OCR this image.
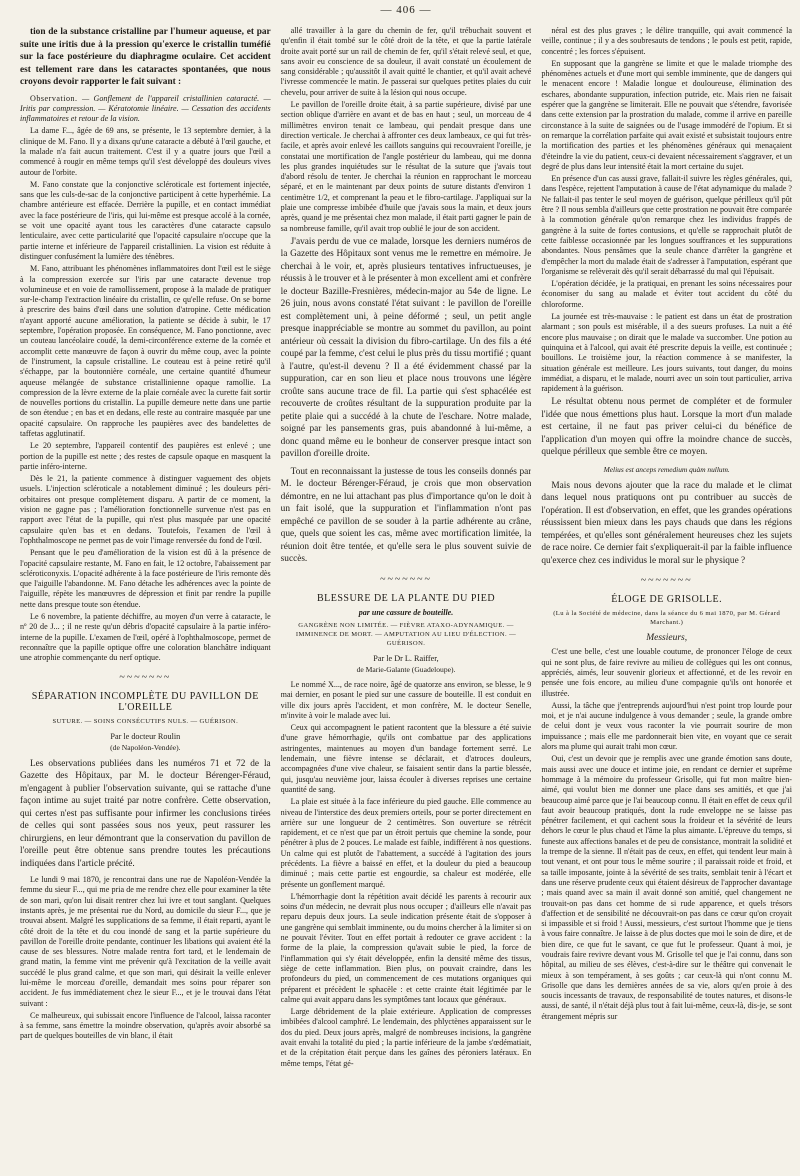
— 406 —

tion de la substance cristalline par l'humeur aqueuse, et par suite une iritis due à la pression qu'exerce le cristallin tuméfié sur la face postérieure du diaphragme oculaire. Cet accident est tellement rare dans les cataractes spontanées, que nous croyons devoir rapporter le fait suivant :

Observation. — Gonflement de l'appareil cristallinien cataracté. — Iritis par compression. — Kératotomie linéaire. — Cessation des accidents inflammatoires et retour de la vision.

La dame F..., âgée de 69 ans, se présente, le 13 septembre dernier, à la clinique de M. Fano. Il y a dixans qu'une cataracte a débuté à l'œil gauche, et la malade n'a fait aucun traitement. C'est il y a quatre jours que l'œil a commencé à rougir en même temps qu'il s'est développé des douleurs vives autour de l'orbite.

M. Fano constate que la conjonctive scléroticale est fortement injectée, sans que les culs-de-sac de la conjonctive participent à cette hyperhémie. La chambre antérieure est effacée. Derrière la pupille, et en contact immédiat avec la face postérieure de l'iris, qui lui-même est presque accolé à la cornée, se voit une opacité ayant tous les caractères d'une cataracte capsulo lenticulaire, avec cette particularité que l'opacité capsulaire n'occupe que la partie interne et inférieure de l'appareil cristallinien. La vision est réduite à distinguer confusément la lumière des ténèbres.

M. Fano, attribuant les phénomènes inflammatoires dont l'œil est le siège à la compression exercée sur l'iris par une cataracte devenue trop volumineuse et en voie de ramollissement, propose à la malade de pratiquer sur-le-champ l'extraction linéaire du cristallin, ce qu'elle refuse. On se borne à prescrire des bains d'œil dans une solution d'atropine. Cette médication n'ayant apporté aucune amélioration, la patiente se décide à subir, le 17 septembre, l'opération proposée. En conséquence, M. Fano ponctionne, avec un couteau lancéolaire coudé, la demi-circonférence externe de la cornée et accomplit cette manœuvre de façon à ouvrir du même coup, avec la pointe de l'instrument, la capsule cristalline. Le couteau est à peine retiré qu'il s'échappe, par la boutonnière cornéale, une certaine quantité d'humeur aqueuse mélangée de substance cristallinienne opaque ramollie. La compression de la lèvre externe de la plaie cornéale avec la curette fait sortir de nouvelles portions du cristallin. La pupille demeure nette dans une partie de son étendue ; en bas et en dedans, elle reste au contraire masquée par une opacité capsulaire. On rapproche les paupières avec des bandelettes de taffetas agglutinatif.

Le 20 septembre, l'appareil contentif des paupières est enlevé ; une portion de la pupille est nette ; des restes de capsule opaque en masquent la partie inféro-interne.

Dès le 21, la patiente commence à distinguer vaguement des objets usuels. L'injection scléroticale a notablement diminué ; les douleurs péri-orbitaires ont presque complètement disparu. A partir de ce moment, la vision ne gagne pas ; l'amélioration fonctionnelle survenue n'est pas en rapport avec l'état de la pupille, qui n'est plus masquée par une opacité capsulaire qu'en bas et en dedans. Toutefois, l'examen de l'œil à l'ophthalmoscope ne permet pas de voir l'image renversée du fond de l'œil.

Pensant que le peu d'amélioration de la vision est dû à la présence de l'opacité capsulaire restante, M. Fano en fait, le 12 octobre, l'abaissement par scléroticonyxis. L'opacité adhérente à la face postérieure de l'iris remonte dès que l'aiguille l'abandonne. M. Fano détache les adhérences avec la pointe de l'aiguille, répète les manœuvres de dépression et finit par rendre la pupille nette dans presque toute son étendue.

Le 6 novembre, la patiente déchiffre, au moyen d'un verre à cataracte, le nº 20 de J... ; il ne reste qu'un débris d'opacité capsulaire à la partie inféro-interne de la pupille. L'examen de l'œil, opéré à l'ophthalmoscope, permet de reconnaître que la papille optique offre une coloration blanchâtre indiquant une atrophie commençante du nerf optique.

~~~~~~~
SÉPARATION INCOMPLÈTE DU PAVILLON DE L'OREILLE
SUTURE. — SOINS CONSÉCUTIFS NULS. — GUÉRISON.
Par le docteur Roulin
(de Napoléon-Vendée).

Les observations publiées dans les numéros 71 et 72 de la Gazette des Hôpitaux, par M. le docteur Bérenger-Féraud, m'engagent à publier l'observation suivante, qui se rattache d'une façon intime au sujet traité par notre confrère. Cette observation, qui certes n'est pas suffisante pour infirmer les conclusions tirées de celles qui sont passées sous nos yeux, peut rassurer les chirurgiens, en leur démontrant que la conservation du pavillon de l'oreille peut être obtenue sans prendre toutes les précautions indiquées dans l'article précité.

Le lundi 9 mai 1870, je rencontrai dans une rue de Napoléon-Vendée la femme du sieur F..., qui me pria de me rendre chez elle pour examiner la tête de son mari, qu'on lui disait rentrer chez lui ivre et tout sanglant. Quelques instants après, je me présentai rue du Nord, au domicile du sieur F..., que je trouvai absent. Malgré les supplications de sa femme, il était reparti, ayant le côté droit de la tête et du cou inondé de sang et la partie supérieure du pavillon de l'oreille droite pendante, continuer les libations qui avaient été la cause de ses blessures. Notre malade rentra fort tard, et le lendemain de grand matin, la femme vint me prévenir qu'à l'excitation de la veille avait succédé le plus grand calme, et que son mari, qui désirait la veille enlever lui-même le morceau d'oreille, demandait mes soins pour réparer son accident. Je fus immédiatement chez le sieur F..., et je le trouvai dans l'état suivant :

Ce malheureux, qui subissait encore l'influence de l'alcool, laissa raconter à sa femme, sans émettre la moindre observation, qu'après avoir absorbé sa part de quelques bouteilles de vin blanc, il était

allé travailler à la gare du chemin de fer, qu'il trébuchait souvent et qu'enfin il était tombé sur le côté droit de la tête, et que la partie latérale droite avait porté sur un rail de chemin de fer, qu'il s'était relevé seul, et que, sans avoir eu conscience de sa douleur, il avait constaté un écoulement de sang considérable ; qu'aussitôt il avait quitté le chantier, et qu'il avait achevé l'ivresse commencée le matin. Je passerai sur quelques petites plaies du cuir chevelu, pour arriver de suite à la lésion qui nous occupe.

Le pavillon de l'oreille droite était, à sa partie supérieure, divisé par une section oblique d'arrière en avant et de bas en haut ; seul, un morceau de 4 millimètres environ tenait ce lambeau, qui pendait presque dans une direction verticale. Je cherchai à affronter ces deux lambeaux, ce qui fut très-facile, et après avoir enlevé les caillots sanguins qui recouvraient l'oreille, je constatai une mortification de l'angle postérieur du lambeau, qui me donna les plus grandes inquiétudes sur le résultat de la suture que j'avais tout d'abord résolu de tenter. Je cherchai la réunion en rapprochant le morceau séparé, et en le maintenant par deux points de suture distants d'environ 1 centimètre 1/2, et comprenant la peau et le fibro-cartilage. J'appliquai sur la plaie une compresse imbibée d'huile que j'avais sous la main, et deux jours après, quand je me présentai chez mon malade, il était parti gagner le pain de sa nombreuse famille, qu'il avait trop oublié le jour de son accident.

J'avais perdu de vue ce malade, lorsque les derniers numéros de la Gazette des Hôpitaux sont venus me le remettre en mémoire. Je cherchai à le voir, et, après plusieurs tentatives infructueuses, je réussis à le trouver et à le présenter à mon excellent ami et confrère le docteur Bazille-Fresnières, médecin-major au 54e de ligne. Le 26 juin, nous avons constaté l'état suivant : le pavillon de l'oreille est complètement uni, à peine déformé ; seul, un petit angle presque inappréciable se montre au sommet du pavillon, au point antérieur où cessait la division du fibro-cartilage. Un des fils a été coupé par la femme, c'est celui le plus près du tissu mortifié ; quant à l'autre, qu'est-il devenu ? Il a été évidemment chassé par la suppuration, car en son lieu et place nous trouvons une légère croûte sans aucune trace de fil. La partie qui s'est sphacélée est recouverte de croûtes résultant de la suppuration produite par la petite plaie qui a succédé à la chute de l'eschare. Notre malade, soigné par les pansements gras, puis abandonné à lui-même, a donc quand même eu le bonheur de conserver presque intact son pavillon d'oreille droite.

Tout en reconnaissant la justesse de tous les conseils donnés par M. le docteur Bérenger-Féraud, je crois que mon observation démontre, en ne lui attachant pas plus d'importance qu'on le doit à un fait isolé, que la suppuration et l'inflammation n'ont pas empêché ce pavillon de se souder à la partie adhérente au crâne, que, quels que soient les cas, même avec mortification limitée, la réunion doit être tentée, et qu'elle sera le plus souvent suivie de succès.

~~~~~~~
BLESSURE DE LA PLANTE DU PIED
par une cassure de bouteille.
GANGRÈNE NON LIMITÉE. — FIÈVRE ATAXO-ADYNAMIQUE. — IMMINENCE DE MORT. — AMPUTATION AU LIEU D'ÉLECTION. — GUÉRISON.
Par le Dr L. Raiffer,
de Marie-Galante (Guadeloupe).

Le nommé X..., de race noire, âgé de quatorze ans environ, se blesse, le 9 mai dernier, en posant le pied sur une cassure de bouteille. Il est conduit en ville dix jours après l'accident, et mon confrère, M. le docteur Senelle, m'invite à voir le malade avec lui.

Ceux qui accompagnent le patient racontent que la blessure a été suivie d'une grave hémorrhagie, qu'ils ont combattue par des applications astringentes, maintenues au moyen d'un bandage fortement serré. Le lendemain, une fièvre intense se déclarait, et d'atroces douleurs, accompagnées d'une vive chaleur, se faisaient sentir dans la partie blessée, qui, jusqu'au neuvième jour, laissa écouler à diverses reprises une certaine quantité de sang.

La plaie est située à la face inférieure du pied gauche. Elle commence au niveau de l'interstice des deux premiers orteils, pour se porter directement en arrière sur une longueur de 2 centimètres. Son ouverture se rétrécit rapidement, et ce n'est que par un étroit pertuis que chemine la sonde, pour pénétrer à plus de 2 pouces. Le malade est faible, indifférent à nos questions. Un calme qui est plutôt de l'abattement, a succédé à l'agitation des jours précédents. La fièvre a baissé en effet, et la douleur du pied a beaucoup diminué ; mais cette partie est engourdie, sa chaleur est modérée, elle présente un gonflement marqué.

L'hémorrhagie dont la répétition avait décidé les parents à recourir aux soins d'un médecin, ne devrait plus nous occuper ; d'ailleurs elle n'avait pas reparu depuis deux jours. La seule indication présente était de s'opposer à une gangrène qui semblait imminente, ou du moins chercher à la limiter si on ne pouvait l'éviter. Tout en effet portait à redouter ce grave accident : la forme de la plaie, la compression qu'avait subie le pied, la force de l'inflammation qui s'y était développée, enfin la densité même des tissus, siège de cette inflammation. Bien plus, on pouvait craindre, dans les profondeurs du pied, un commencement de ces mutations organiques qui préparent et précèdent le sphacèle : et cette crainte était légitimée par le calme qui avait apparu dans les symptômes tant locaux que généraux.

Large débridement de la plaie extérieure. Application de compresses imbibées d'alcool camphré. Le lendemain, des phlyctènes apparaissent sur le dos du pied. Deux jours après, malgré de nombreuses incisions, la gangrène avait envahi la totalité du pied ; la partie inférieure de la jambe s'œdématiait, et de la crépitation était perçue dans les gaînes des péroniers latéraux. En même temps, l'état gé-

néral est des plus graves ; le délire tranquille, qui avait commencé la veille, continue ; il y a des soubresauts de tendons ; le pouls est petit, rapide, concentré ; les forces s'épuisent.

En supposant que la gangrène se limite et que le malade triomphe des phénomènes actuels et d'une mort qui semble imminente, que de dangers qui le menacent encore ! Maladie longue et douloureuse, élimination des eschares, abondante suppuration, infection putride, etc. Mais rien ne faisait espérer que la gangrène se limiterait. Elle ne pouvait que s'étendre, favorisée dans cette extension par la prostration du malade, comme il arrive en pareille circonstance à la suite de saignées ou de l'usage immodéré de l'opium. Et si on remarque la corrélation parfaite qui avait existé et subsistait toujours entre la mortification des parties et les phénomènes généraux qui menaçaient d'éteindre la vie du patient, ceux-ci devaient nécessairement s'aggraver, et un degré de plus dans leur intensité était la mort certaine du sujet.

En présence d'un cas aussi grave, fallait-il suivre les règles générales, qui, dans l'espèce, rejettent l'amputation à cause de l'état adynamique du malade ? Ne fallait-il pas tenter le seul moyen de guérison, quelque périlleux qu'il pût être ? Il nous sembla d'ailleurs que cette prostration ne pouvait être comparée à la commotion générale qu'on remarque chez les individus frappés de gangrène à la suite de fortes contusions, et qu'elle se rapprochait plutôt de cette faiblesse occasionnée par les longues souffrances et les suppurations abondantes. Nous pensâmes que la seule chance d'arrêter la gangrène et d'empêcher la mort du malade était de s'adresser à l'amputation, espérant que l'organisme se relèverait dès qu'il serait débarrassé du mal qui l'épuisait.

L'opération décidée, je la pratiquai, en prenant les soins nécessaires pour économiser du sang au malade et éviter tout accident du côté du chloroforme.

La journée est très-mauvaise : le patient est dans un état de prostration alarmant ; son pouls est misérable, il a des sueurs profuses. La nuit a été encore plus mauvaise ; on dirait que le malade va succomber. Une potion au quinquina et à l'alcool, qui avait été prescrite depuis la veille, est continuée ; bouillons. Le troisième jour, la réaction commence à se manifester, la situation générale est meilleure. Les jours suivants, tout danger, du moins immédiat, a disparu, et le malade, nourri avec un soin tout particulier, arriva rapidement à la guérison.

Le résultat obtenu nous permet de compléter et de formuler l'idée que nous émettions plus haut. Lorsque la mort d'un malade est certaine, il ne faut pas priver celui-ci du bénéfice de l'application d'un moyen qui offre la moindre chance de succès, quelque périlleux que semble être ce moyen.

Melius est anceps remedium quàm nullum.

Mais nous devons ajouter que la race du malade et le climat dans lequel nous pratiquons ont pu contribuer au succès de l'opération. Il est d'observation, en effet, que les grandes opérations réussissent bien mieux dans les pays chauds que dans les régions tempérées, et qu'elles sont généralement heureuses chez les sujets de race noire. Ce dernier fait s'expliquerait-il par la faible influence qu'exerce chez ces individus le moral sur le physique ?

~~~~~~~
ÉLOGE DE GRISOLLE.
(Lu à la Société de médecine, dans la séance du 6 mai 1870, par M. Gérard Marchant.)
Messieurs,

C'est une belle, c'est une louable coutume, de prononcer l'éloge de ceux qui ne sont plus, de faire revivre au milieu de collègues qui les ont connus, appréciés, aimés, leur souvenir glorieux et affectionné, et de les revoir en pensée une fois encore, au milieu d'une compagnie qu'ils ont honorée et illustrée.

Aussi, la tâche que j'entreprends aujourd'hui n'est point trop lourde pour moi, et je n'ai aucune indulgence à vous demander ; seule, la grande ombre de celui dont je veux vous raconter la vie pourrait sourire de mon impuissance ; mais elle me pardonnerait bien vite, en voyant que ce serait alors ma plume qui aurait trahi mon cœur.

Oui, c'est un devoir que je remplis avec une grande émotion sans doute, mais aussi avec une douce et intime joie, en rendant ce dernier et suprême hommage à la mémoire du professeur Grisolle, qui fut mon maître bien-aimé, qui voulut bien me donner une place dans ses amitiés, et que j'ai beaucoup aimé parce que je l'ai beaucoup connu. Il était en effet de ceux qu'il faut avoir beaucoup pratiqués, dont la rude enveloppe ne se laisse pas pénétrer facilement, et qui cachent sous la froideur et la sévérité de leurs dehors le cœur le plus chaud et l'âme la plus aimante. L'épreuve du temps, si funeste aux affections banales et de peu de consistance, montrait la solidité et la trempe de la sienne. Il n'était pas de ceux, en effet, qui tendent leur main à tout venant, et ont pour tous le même sourire ; il paraissait roide et froid, et sa taille imposante, jointe à la sévérité de ses traits, semblait tenir à l'écart et dans une réserve prudente ceux qui étaient désireux de l'approcher davantage ; mais quand avec sa main il avait donné son amitié, quel changement ne trouvait-on pas dans cet homme de si rude apparence, et quels trésors d'affection et de sensibilité ne découvrait-on pas dans ce cœur qu'on croyait si impassible et si froid ! Aussi, messieurs, c'est surtout l'homme que je tiens à vous faire connaître. Je laisse à de plus doctes que moi le soin de dire, et de bien dire, ce que fut le savant, ce que fut le professeur. Quant à moi, je voudrais faire revivre devant vous M. Grisolle tel que je l'ai connu, dans son hôpital, au milieu de ses élèves, c'est-à-dire sur le théâtre qui convenait le mieux à son tempérament, à ses goûts ; car ceux-là qui n'ont connu M. Grisolle que dans les dernières années de sa vie, alors qu'en proie à des soucis incessants de travaux, de responsabilité de toutes natures, et disons-le aussi, de santé, il n'était déjà plus tout à fait lui-même, ceux-là, dis-je, se sont étrangement mépris sur
